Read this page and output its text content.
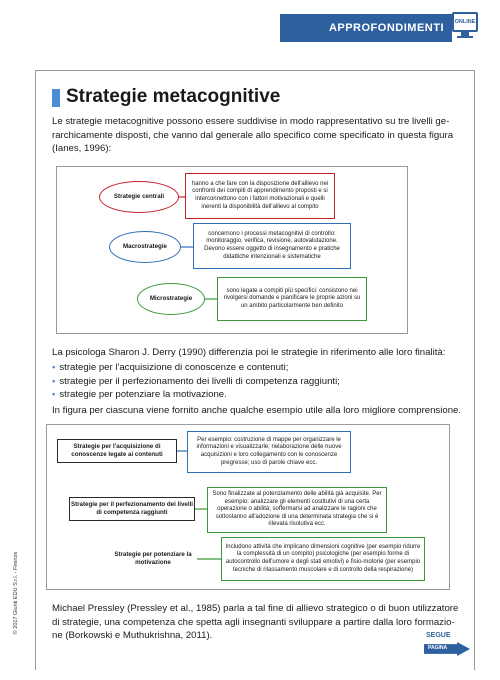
APPROFONDIMENTI ONLINE
Strategie metacognitive

Le strategie metacognitive possono essere suddivise in modo rappresentativo su tre livelli ge-rarchicamente disposti, che vanno dal generale allo specifico come specificato in questa figura (Ianes, 1996):

Strategie centrali
hanno a che fare con la disposizione dell'allievo nei confronti dei compiti di apprendimento proposti e si interconnettono con i fattori motivazionali e quelli inerenti la disponibilità dell'allievo al compito
Macrostrategie
concernono i processi metacognitivi di controllo: monitoraggio, verifica, revisione, autovalutazione. Devono essere oggetto di insegnamento e pratiche didattiche intenzionali e sistematiche
Microstrategie
sono legate a compiti più specifici: consistono nei rivolgersi domande e pianificare le proprie azioni su un ambito particolarmente ben definito

La psicologa Sharon J. Derry (1990) differenzia poi le strategie in riferimento alle loro finalità:

• strategie per l'acquisizione di conoscenze e contenuti;
• strategie per il perfezionamento dei livelli di competenza raggiunti;
• strategie per potenziare la motivazione.

In figura per ciascuna viene fornito anche qualche esempio utile alla loro migliore comprensione.

Strategie per l'acquisizione di conoscenze legate ai contenuti
Per esempio: costruzione di mappe per organizzare le informazioni e visualizzarle; rielaborazione delle nuove acquisizioni e loro collegamento con le conoscenze pregresse; uso di parole chiave ecc.
Strategie per il perfezionamento dei livelli di competenza raggiunti
Sono finalizzate al potenziamento delle abilità già acquisite. Per esempio: analizzare gli elementi costitutivi di una certa operazione o abilità; soffermarsi ad analizzare le ragioni che sottostanno all'adozione di una determinata strategia che si è rilevata risolutiva ecc.
Strategie per potenziare la motivazione
Includono attività che implicano dimensioni cognitive (per esempio ridurre la complessità di un compito) psicologiche (per esempio forme di autocontrollo dell'umore e degli stati emotivi) e fisio-motorie (per esempio tecniche di rilassamento muscolare e di controllo della respirazione)

Michael Pressley (Pressley et al., 1985) parla a tal fine di allievo strategico o di buon utilizzatore di strategie, una competenza che spetta agli insegnanti sviluppare a partire dalla loro formazio-ne (Borkowski e Muthukrishna, 2011).

© 2017 Giunti EDU S.r.l. - Firenze
SEGUE
PAGINA
